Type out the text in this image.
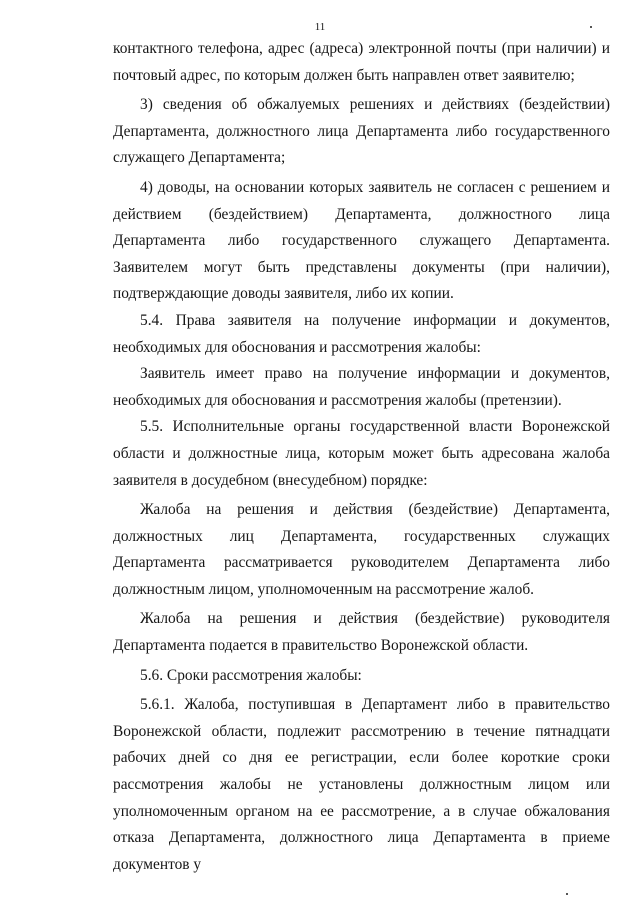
11

контактного телефона, адрес (адреса) электронной почты (при наличии) и почтовый адрес, по которым должен быть направлен ответ заявителю;

3) сведения об обжалуемых решениях и действиях (бездействии) Департамента, должностного лица Департамента либо государственного служащего Департамента;

4) доводы, на основании которых заявитель не согласен с решением и действием (бездействием) Департамента, должностного лица Департамента либо государственного служащего Департамента. Заявителем могут быть представлены документы (при наличии), подтверждающие доводы заявителя, либо их копии.

5.4. Права заявителя на получение информации и документов, необходимых для обоснования и рассмотрения жалобы:

Заявитель имеет право на получение информации и документов, необходимых для обоснования и рассмотрения жалобы (претензии).

5.5. Исполнительные органы государственной власти Воронежской области и должностные лица, которым может быть адресована жалоба заявителя в досудебном (внесудебном) порядке:

Жалоба на решения и действия (бездействие) Департамента, должностных лиц Департамента, государственных служащих Департамента рассматривается руководителем Департамента либо должностным лицом, уполномоченным на рассмотрение жалоб.

Жалоба на решения и действия (бездействие) руководителя Департамента подается в правительство Воронежской области.

5.6. Сроки рассмотрения жалобы:

5.6.1. Жалоба, поступившая в Департамент либо в правительство Воронежской области, подлежит рассмотрению в течение пятнадцати рабочих дней со дня ее регистрации, если более короткие сроки рассмотрения жалобы не установлены должностным лицом или уполномоченным органом на ее рассмотрение, а в случае обжалования отказа Департамента, должностного лица Департамента в приеме документов у
